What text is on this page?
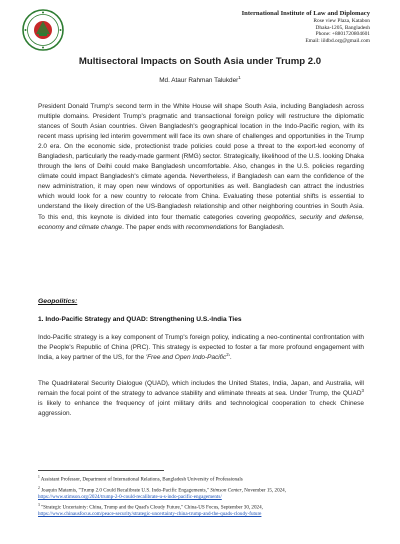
International Institute of Law and Diplomacy
Rose view Plaza, Katabon
Dhaka-1205, Bangladesh
Phone: +8801720804601
Email: iildbd.org@gmail.com
Multisectoral Impacts on South Asia under Trump 2.0
Md. Ataur Rahman Talukder$^1$

President Donald Trump's second term in the White House will shape South Asia, including Bangladesh across multiple domains. President Trump's pragmatic and transactional foreign policy will restructure the diplomatic stances of South Asian countries. Given Bangladesh's geographical location in the Indo-Pacific region, with its recent mass uprising led interim government will face its own share of challenges and opportunities in the Trump 2.0 era. On the economic side, protectionist trade policies could pose a threat to the export-led economy of Bangladesh, particularly the ready-made garment (RMG) sector. Strategically, likelihood of the U.S. looking Dhaka through the lens of Delhi could make Bangladesh uncomfortable. Also, changes in the U.S. policies regarding climate could impact Bangladesh's climate agenda. Nevertheless, if Bangladesh can earn the confidence of the new administration, it may open new windows of opportunities as well. Bangladesh can attract the industries which would look for a new country to relocate from China. Evaluating these potential shifts is essential to understand the likely direction of the US-Bangladesh relationship and other neighboring countries in South Asia. To this end, this keynote is divided into four thematic categories covering geopolitics, security and defense, economy and climate change. The paper ends with recommendations for Bangladesh.

Geopolitics:
1. Indo-Pacific Strategy and QUAD: Strengthening U.S.-India Ties

Indo-Pacific strategy is a key component of Trump's foreign policy, indicating a neo-continental confrontation with the People's Republic of China (PRC). This strategy is expected to foster a far more profound engagement with India, a key partner of the US, for the 'Free and Open Indo-Pacific$^2$'.

The Quadrilateral Security Dialogue (QUAD), which includes the United States, India, Japan, and Australia, will remain the focal point of the strategy to advance stability and eliminate threats at sea. Under Trump, the QUAD$^3$ is likely to enhance the frequency of joint military drills and technological cooperation to check Chinese aggression.

$^1$ Assistant Professor, Department of International Relations, Bangladesh University of Professionals

$^2$ Joaquin Matamis, "Trump 2.0 Could Recalibrate U.S. Indo-Pacific Engagements," Stimson Center, November 15, 2024,
https://www.stimson.org/2024/trump-2-0-could-recalibrate-u-s-indo-pacific-engagements/

$^3$ "Strategic Uncertainty: China, Trump and the Quad's Cloudy Future," China-US Focus, September 30, 2024,
https://www.chinausfocus.com/peace-security/strategic-uncertainty-china-trump-and-the-quads-cloudy-future
